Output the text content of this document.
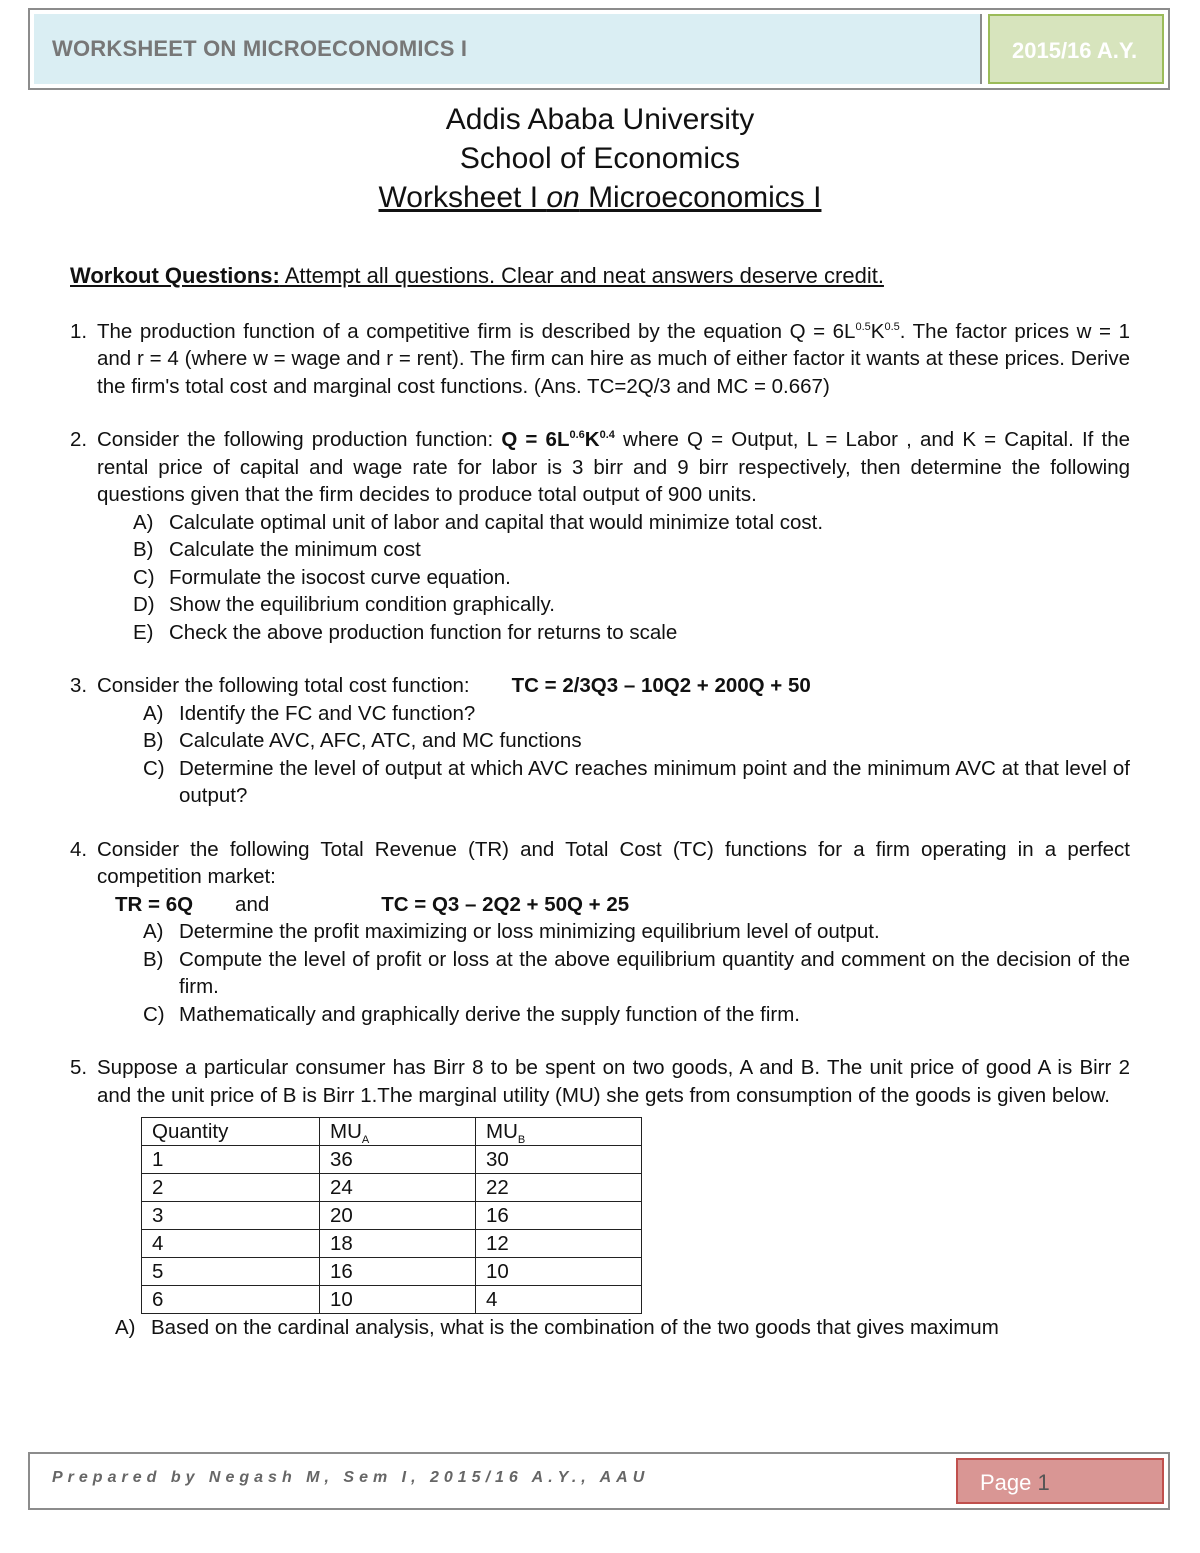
WORKSHEET ON MICROECONOMICS I	2015/16 A.Y.
Addis Ababa University
School of Economics
Worksheet I on Microeconomics I
Workout Questions: Attempt all questions. Clear and neat answers deserve credit.
1. The production function of a competitive firm is described by the equation $Q = 6L^{0.5}K^{0.5}$. The factor prices w = 1 and r = 4 (where w = wage and r = rent). The firm can hire as much of either factor it wants at these prices. Derive the firm's total cost and marginal cost functions. (Ans. TC=2Q/3 and MC = 0.667)
2. Consider the following production function: $Q = 6L^{0.6}K^{0.4}$ where Q = Output, L = Labor , and K = Capital. If the rental price of capital and wage rate for labor is 3 birr and 9 birr respectively, then determine the following questions given that the firm decides to produce total output of 900 units.
A) Calculate optimal unit of labor and capital that would minimize total cost.
B) Calculate the minimum cost
C) Formulate the isocost curve equation.
D) Show the equilibrium condition graphically.
E) Check the above production function for returns to scale
3. Consider the following total cost function: TC = 2/3Q3 – 10Q2 + 200Q + 50
A) Identify the FC and VC function?
B) Calculate AVC, AFC, ATC, and MC functions
C) Determine the level of output at which AVC reaches minimum point and the minimum AVC at that level of output?
4. Consider the following Total Revenue (TR) and Total Cost (TC) functions for a firm operating in a perfect competition market:
TR = 6Q and	TC = Q3 – 2Q2 + 50Q + 25
A) Determine the profit maximizing or loss minimizing equilibrium level of output.
B) Compute the level of profit or loss at the above equilibrium quantity and comment on the decision of the firm.
C) Mathematically and graphically derive the supply function of the firm.
5. Suppose a particular consumer has Birr 8 to be spent on two goods, A and B. The unit price of good A is Birr 2 and the unit price of B is Birr 1.The marginal utility (MU) she gets from consumption of the goods is given below.
Quantity	$MU_A$	$MU_B$
1	36	30
2	24	22
3	20	16
4	18	12
5	16	10
6	10	4
A) Based on the cardinal analysis, what is the combination of the two goods that gives maximum
Prepared by Negash M, Sem I, 2015/16 A.Y., AAU	Page 1
